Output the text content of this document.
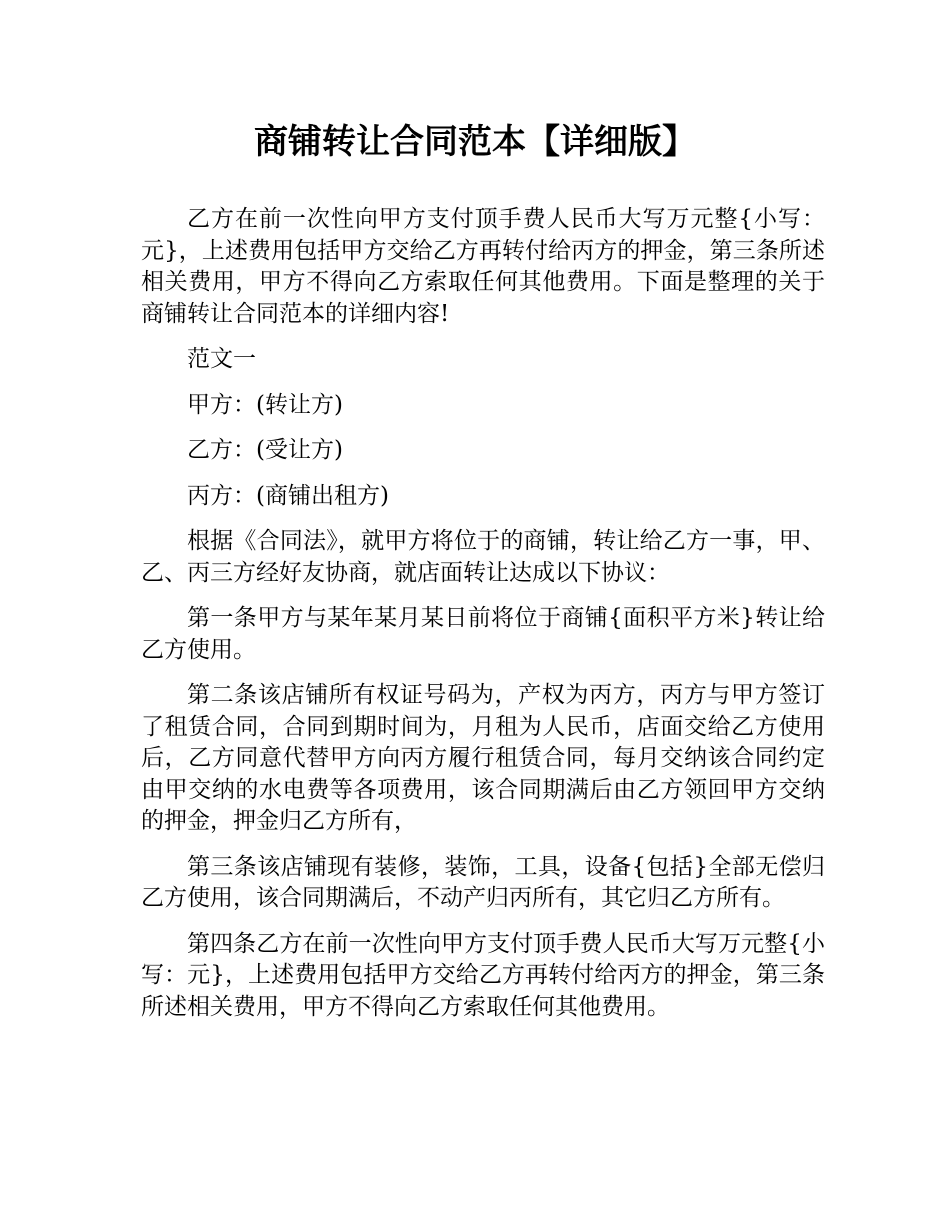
商铺转让合同范本【详细版】

乙方在前一次性向甲方支付顶手费人民币大写万元整{小写：元}，上述费用包括甲方交给乙方再转付给丙方的押金，第三条所述相关费用，甲方不得向乙方索取任何其他费用。下面是整理的关于商铺转让合同范本的详细内容!

范文一

甲方：(转让方)

乙方：(受让方)

丙方：(商铺出租方)

根据《合同法》，就甲方将位于的商铺，转让给乙方一事，甲、乙、丙三方经好友协商，就店面转让达成以下协议：

第一条甲方与某年某月某日前将位于商铺{面积平方米}转让给乙方使用。

第二条该店铺所有权证号码为，产权为丙方，丙方与甲方签订了租赁合同，合同到期时间为，月租为人民币，店面交给乙方使用后，乙方同意代替甲方向丙方履行租赁合同，每月交纳该合同约定由甲交纳的水电费等各项费用，该合同期满后由乙方领回甲方交纳的押金，押金归乙方所有，

第三条该店铺现有装修，装饰，工具，设备{包括}全部无偿归乙方使用，该合同期满后，不动产归丙所有，其它归乙方所有。

第四条乙方在前一次性向甲方支付顶手费人民币大写万元整{小写：元}，上述费用包括甲方交给乙方再转付给丙方的押金，第三条所述相关费用，甲方不得向乙方索取任何其他费用。
